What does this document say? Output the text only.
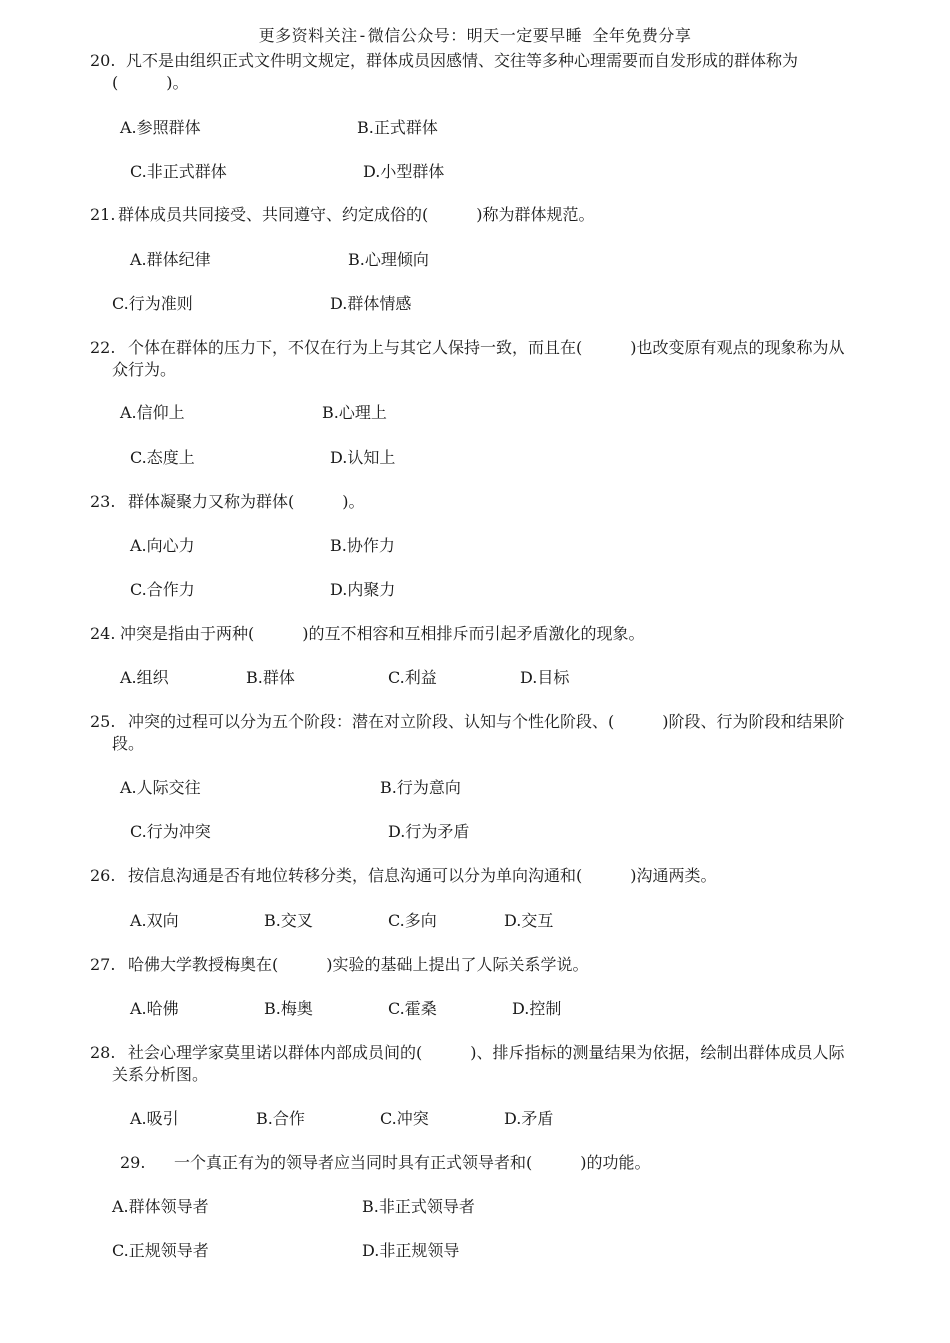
更多资料关注-微信公众号：明天一定要早睡 全年免费分享
20. 凡不是由组织正式文件明文规定，群体成员因感情、交往等多种心理需要而自发形成的群体称为
(　　　)。
A.参照群体	B.正式群体
C.非正式群体	D.小型群体
21. 群体成员共同接受、共同遵守、约定成俗的(　　　)称为群体规范。
A.群体纪律	B.心理倾向
C.行为准则	D.群体情感
22. 个体在群体的压力下，不仅在行为上与其它人保持一致，而且在(　　　)也改变原有观点的现象称为从
众行为。
A.信仰上	B.心理上
C.态度上	D.认知上
23. 群体凝聚力又称为群体(　　　)。
A.向心力	B.协作力
C.合作力	D.内聚力
24. 冲突是指由于两种(　　　)的互不相容和互相排斥而引起矛盾激化的现象。
A.组织	B.群体	C.利益	D.目标
25. 冲突的过程可以分为五个阶段：潜在对立阶段、认知与个性化阶段、(　　　)阶段、行为阶段和结果阶
段。
A.人际交往	B.行为意向
C.行为冲突	D.行为矛盾
26. 按信息沟通是否有地位转移分类，信息沟通可以分为单向沟通和(　　　)沟通两类。
A.双向	B.交叉	C.多向	D.交互
27. 哈佛大学教授梅奥在(　　　)实验的基础上提出了人际关系学说。
A.哈佛	B.梅奥	C.霍桑	D.控制
28. 社会心理学家莫里诺以群体内部成员间的(　　　)、排斥指标的测量结果为依据，绘制出群体成员人际
关系分析图。
A.吸引	B.合作	C.冲突	D.矛盾
29. 一个真正有为的领导者应当同时具有正式领导者和(　　　)的功能。
A.群体领导者	B.非正式领导者
C.正规领导者	D.非正规领导
